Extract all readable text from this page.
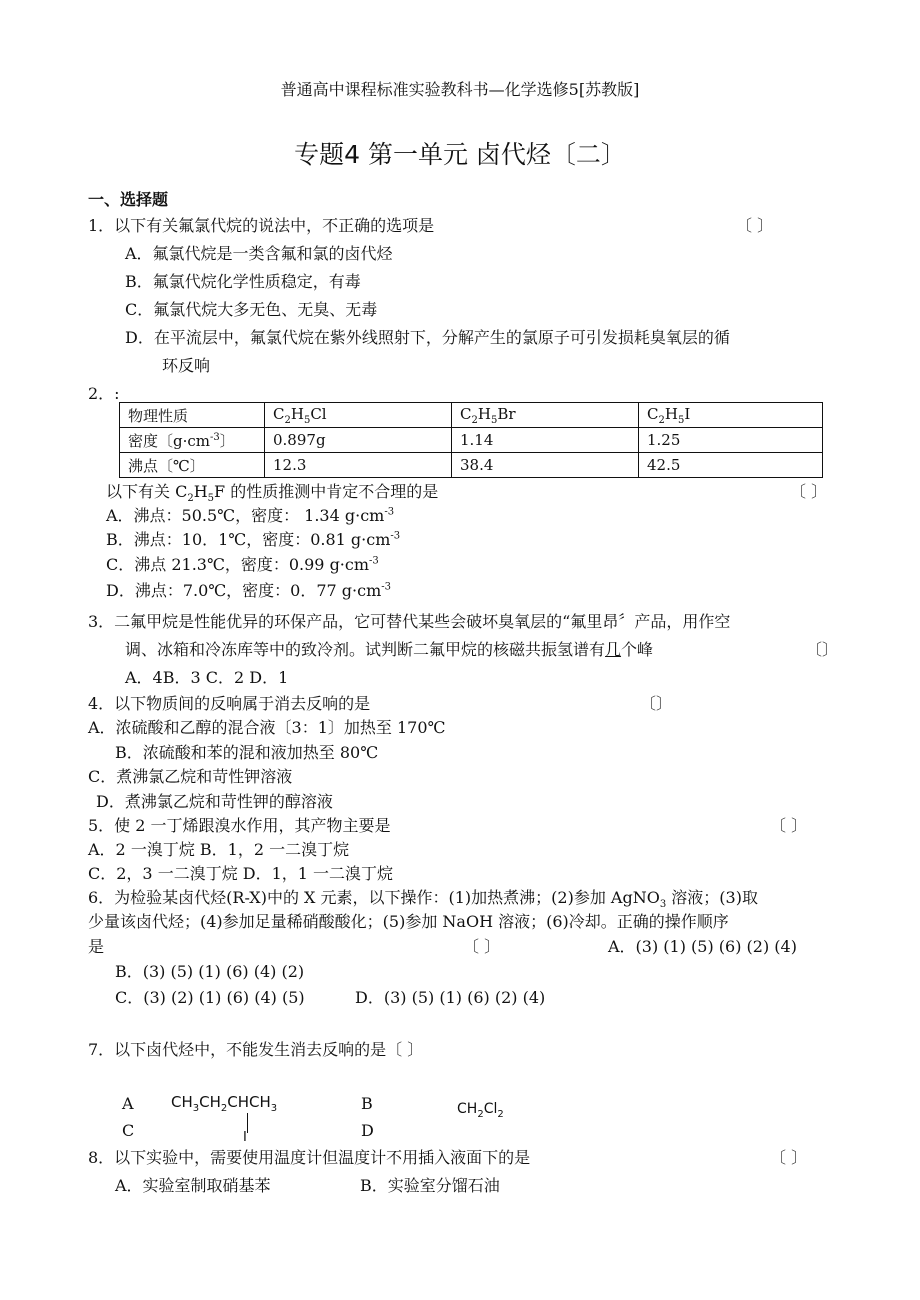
普通高中课程标准实验教科书—化学选修5[苏教版]
专题4 第一单元 卤代烃〔二〕
一、选择题
1．以下有关氟氯代烷的说法中，不正确的选项是	〔 〕
A．氟氯代烷是一类含氟和氯的卤代烃
B．氟氯代烷化学性质稳定，有毒
C．氟氯代烷大多无色、无臭、无毒
D．在平流层中，氟氯代烷在紫外线照射下，分解产生的氯原子可引发损耗臭氧层的循
环反响
2．:
物理性质	$C_2H_5Cl$	$C_2H_5Br$	$C_2H_5I$
密度〔$g\cdot cm^{-3}$〕	0.897g	1.14	1.25
沸点〔℃〕	12.3	38.4	42.5
以下有关 $C_2H_5F$ 的性质推测中肯定不合理的是	〔 〕
A．沸点：50.5℃，密度： 1.34 $g\cdot cm^{-3}$
B．沸点：10．1℃，密度：0.81 $g\cdot cm^{-3}$
C．沸点 21.3℃，密度：0.99 $g\cdot cm^{-3}$
D．沸点：7.0℃，密度：0．77 $g\cdot cm^{-3}$
3．二氟甲烷是性能优异的环保产品，它可替代某些会破坏臭氧层的“氟里昂〞产品，用作空
调、冰箱和冷冻库等中的致冷剂。试判断二氟甲烷的核磁共振氢谱有几个峰	〔〕
A．4B．3 C．2 D．1
4．以下物质间的反响属于消去反响的是	〔〕
A．浓硫酸和乙醇的混合液〔3：1〕加热至 170℃
B．浓硫酸和苯的混和液加热至 80℃
C．煮沸氯乙烷和苛性钾溶液
D．煮沸氯乙烷和苛性钾的醇溶液
5．使 2 一丁烯跟溴水作用，其产物主要是	〔 〕
A．2 一溴丁烷 B．1，2 一二溴丁烷
C．2，3 一二溴丁烷 D．1，1 一二溴丁烷
6．为检验某卤代烃(R-X)中的 X 元素，以下操作：(1)加热煮沸；(2)参加 AgNO$_3$ 溶液；(3)取
少量该卤代烃；(4)参加足量稀硝酸酸化；(5)参加 NaOH 溶液；(6)冷却。正确的操作顺序
是	〔 〕	A．(3) (1) (5) (6) (2) (4)
B．(3) (5) (1) (6) (4) (2)
C．(3) (2) (1) (6) (4) (5)	D．(3) (5) (1) (6) (2) (4)
7．以下卤代烃中，不能发生消去反响的是〔 〕
A $CH_3CH_2CHCH_3$
I
B	$CH_2Cl_2$
C	D
8．以下实验中，需要使用温度计但温度计不用插入液面下的是	〔 〕
A．实验室制取硝基苯	B．实验室分馏石油
